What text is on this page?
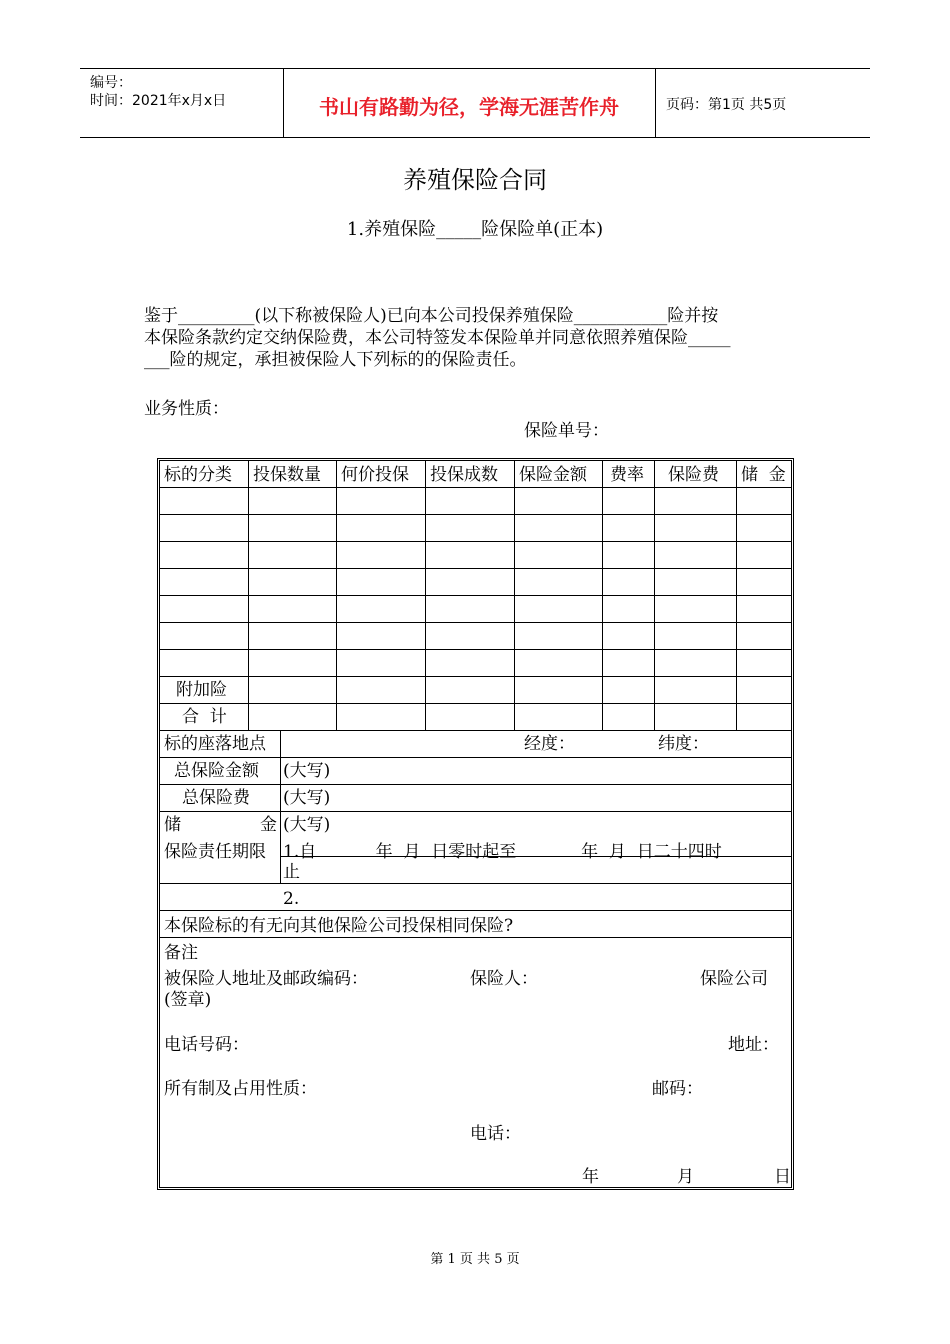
编号：
时间：2021年x月x日	书山有路勤为径，学海无涯苦作舟	页码：第1页 共5页
养殖保险合同
1.养殖保险_____险保险单(正本)
鉴于_________(以下称被保险人)已向本公司投保养殖保险___________险并按
本保险条款约定交纳保险费，本公司特签发本保险单并同意依照养殖保险_____
___险的规定，承担被保险人下列标的的保险责任。
业务性质：
保险单号：
标的分类 投保数量 何价投保 投保成数 保险金额 费率 保险费 储  金
附加险
合  计
标的座落地点	经度：	纬度：
总保险金额 (大写)
总保险费 (大写)
储	金 (大写)
保险责任期限 1.自           年  月  日零时起至            年  月  日二十四时
止
2.
本保险标的有无向其他保险公司投保相同保险?
备注
被保险人地址及邮政编码：	保险人：	保险公司
(签章)
电话号码：	地址：
所有制及占用性质：	邮码：
电话：
年	月	日
第 1 页 共 5 页
